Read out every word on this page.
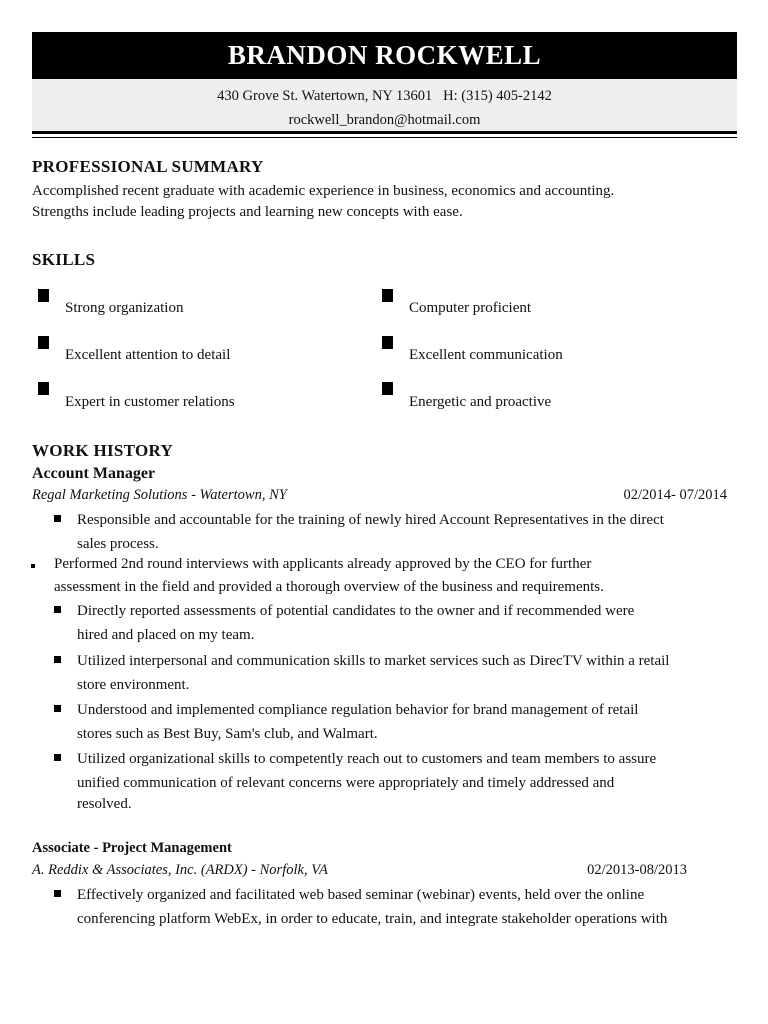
BRANDON ROCKWELL
430 Grove St. Watertown, NY 13601   H: (315) 405-2142
rockwell_brandon@hotmail.com
PROFESSIONAL SUMMARY
Accomplished recent graduate with academic experience in business, economics and accounting.
Strengths include leading projects and learning new concepts with ease.
SKILLS
Strong organization	Computer proficient
Excellent attention to detail	Excellent communication
Expert in customer relations	Energetic and proactive
WORK HISTORY
Account Manager
Regal Marketing Solutions - Watertown, NY	02/2014- 07/2014
Responsible and accountable for the training of newly hired Account Representatives in the direct
sales process.
Performed 2nd round interviews with applicants already approved by the CEO for further
assessment in the field and provided a thorough overview of the business and requirements.
Directly reported assessments of potential candidates to the owner and if recommended were
hired and placed on my team.
Utilized interpersonal and communication skills to market services such as DirecTV within a retail
store environment.
Understood and implemented compliance regulation behavior for brand management of retail
stores such as Best Buy, Sam's club, and Walmart.
Utilized organizational skills to competently reach out to customers and team members to assure
unified communication of relevant concerns were appropriately and timely addressed and
resolved.
Associate - Project Management
A. Reddix & Associates, Inc. (ARDX) - Norfolk, VA	02/2013-08/2013
Effectively organized and facilitated web based seminar (webinar) events, held over the online
conferencing platform WebEx, in order to educate, train, and integrate stakeholder operations with
